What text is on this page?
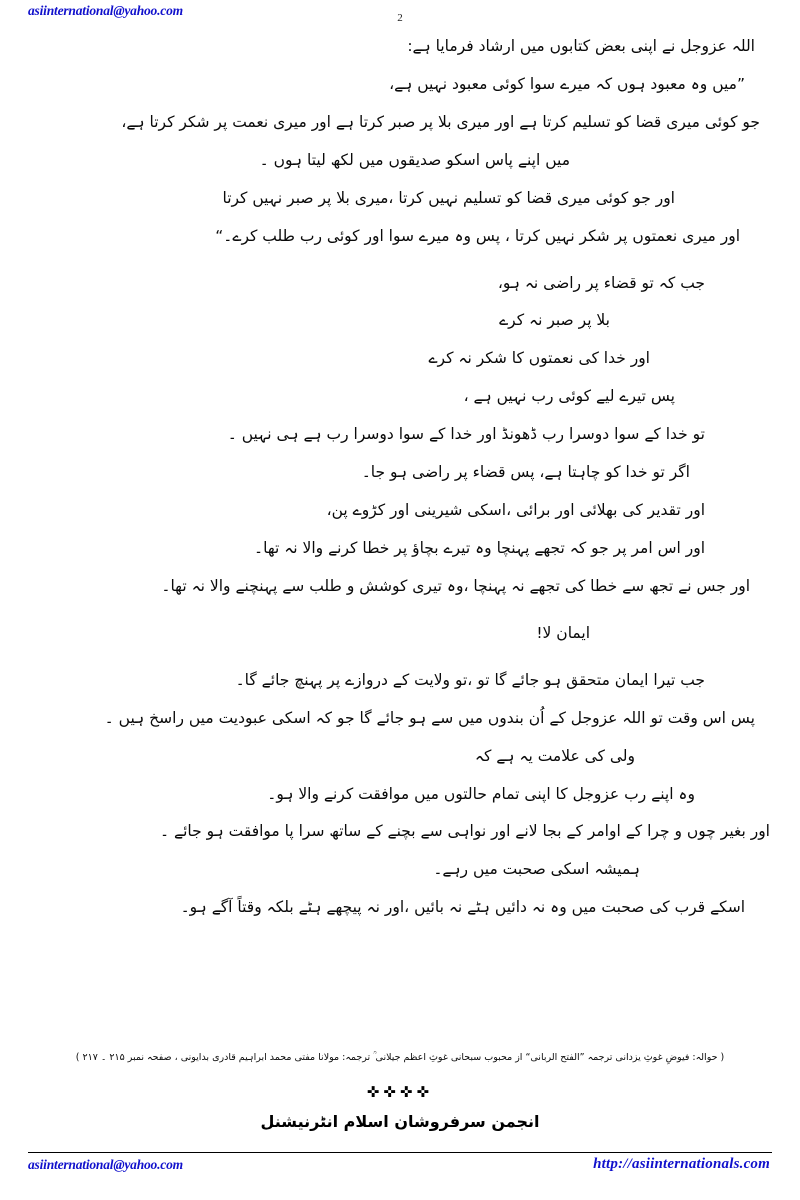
asiinternational@yahoo.com	2

اللہ عزوجل نے اپنی بعض کتابوں میں ارشاد فرمایا ہے:

”میں وہ معبود ہوں کہ میرے سوا کوئی معبود نہیں ہے،

جو کوئی میری قضا کو تسلیم کرتا ہے اور میری بلا پر صبر کرتا ہے اور میری نعمت پر شکر کرتا ہے،

میں اپنے پاس اسکو صدیقوں میں لکھ لیتا ہوں ۔

اور جو کوئی میری قضا کو تسلیم نہیں کرتا ،میری بلا پر صبر نہیں کرتا

اور میری نعمتوں پر شکر نہیں کرتا ، پس وہ میرے سوا اور کوئی رب طلب کرے۔“

جب کہ تو قضاء پر راضی نہ ہو،

بلا پر صبر نہ کرے

اور خدا کی نعمتوں کا شکر نہ کرے

پس تیرے لیے کوئی رب نہیں ہے ،

تو خدا کے سوا دوسرا رب ڈھونڈ اور خدا کے سوا دوسرا رب ہے ہی نہیں ۔

اگر تو خدا کو چاہتا ہے، پس قضاء پر راضی ہو جا۔

اور تقدیر کی بھلائی اور برائی ،اسکی شیرینی اور کڑوے پن،

اور اس امر پر جو کہ تجھے پہنچا وہ تیرے بچاؤ پر خطا کرنے والا نہ تھا۔

اور جس نے تجھ سے خطا کی تجھے نہ پہنچا ،وہ تیری کوشش و طلب سے پہنچنے والا نہ تھا۔

ایمان لا!

جب تیرا ایمان متحقق ہو جائے گا تو ،تو ولایت کے دروازے پر پہنچ جائے گا۔

پس اس وقت تو اللہ عزوجل کے اُن بندوں میں سے ہو جائے گا جو کہ اسکی عبودیت میں راسخ ہیں ۔

ولی کی علامت یہ ہے کہ

وہ اپنے رب عزوجل کا اپنی تمام حالتوں میں موافقت کرنے والا ہو۔

اور بغیر چوں و چرا کے اوامر کے بجا لانے اور نواہی سے بچنے کے ساتھ سرا پا موافقت ہو جائے ۔

ہمیشہ اسکی صحبت میں رہے۔

اسکے قرب کی صحبت میں وہ نہ دائیں ہٹے نہ بائیں ،اور نہ پیچھے ہٹے بلکہ وقتاً آگے ہو۔

( حوالہ: فیوضِ غوثِ یزدانی ترجمہ ”الفتح الربانی“ از محبوب سبحانی غوثِ اعظم جیلانی ؒ ترجمہ: مولانا مفتی محمد ابراہیم قادری بدایونی ، صفحہ نمبر ۲۱۵ ۔ ۲۱۷ )
✜✜✜✜
انجمن سرفروشان اسلام انٹرنیشنل
asiinternational@yahoo.com	http://asiinternationals.com
